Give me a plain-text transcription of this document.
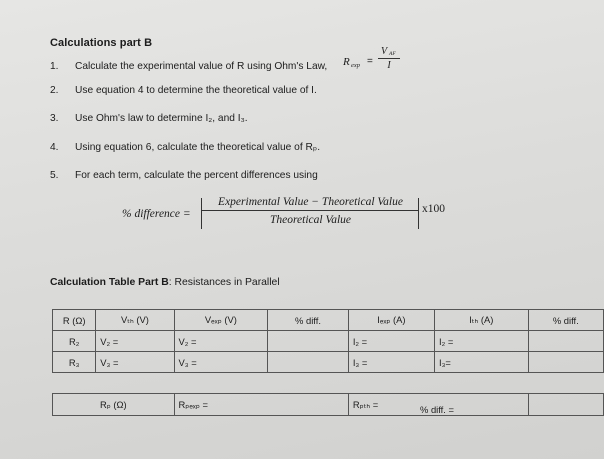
Calculations part B
1. Calculate the experimental value of R using Ohm's Law, R $\exp = \frac{\text{V AF}}{I}$
2. Use equation 4 to determine the theoretical value of I.
3. Use Ohm's law to determine I₂, and I₃.
4. Using equation 6, calculate the theoretical value of Rₚ.
5. For each term, calculate the percent differences using
% difference =
Experimental Value − Theoretical Value
Theoretical Value
x100
Calculation Table Part B: Resistances in Parallel
R (Ω)	Vₜₕ (V)	Vₑₓₚ (V)	% diff.	Iₑₓₚ (A)	Iₜₕ (A)	% diff.
R₂	V₂ =	V₂ =		I₂ =	I₂ =	
R₃	V₃ =	V₃ =		I₃ =	I₃=	

Rₚ (Ω)		Rₚₑₓₚ =		Rₚₜₕ =			% diff. =
